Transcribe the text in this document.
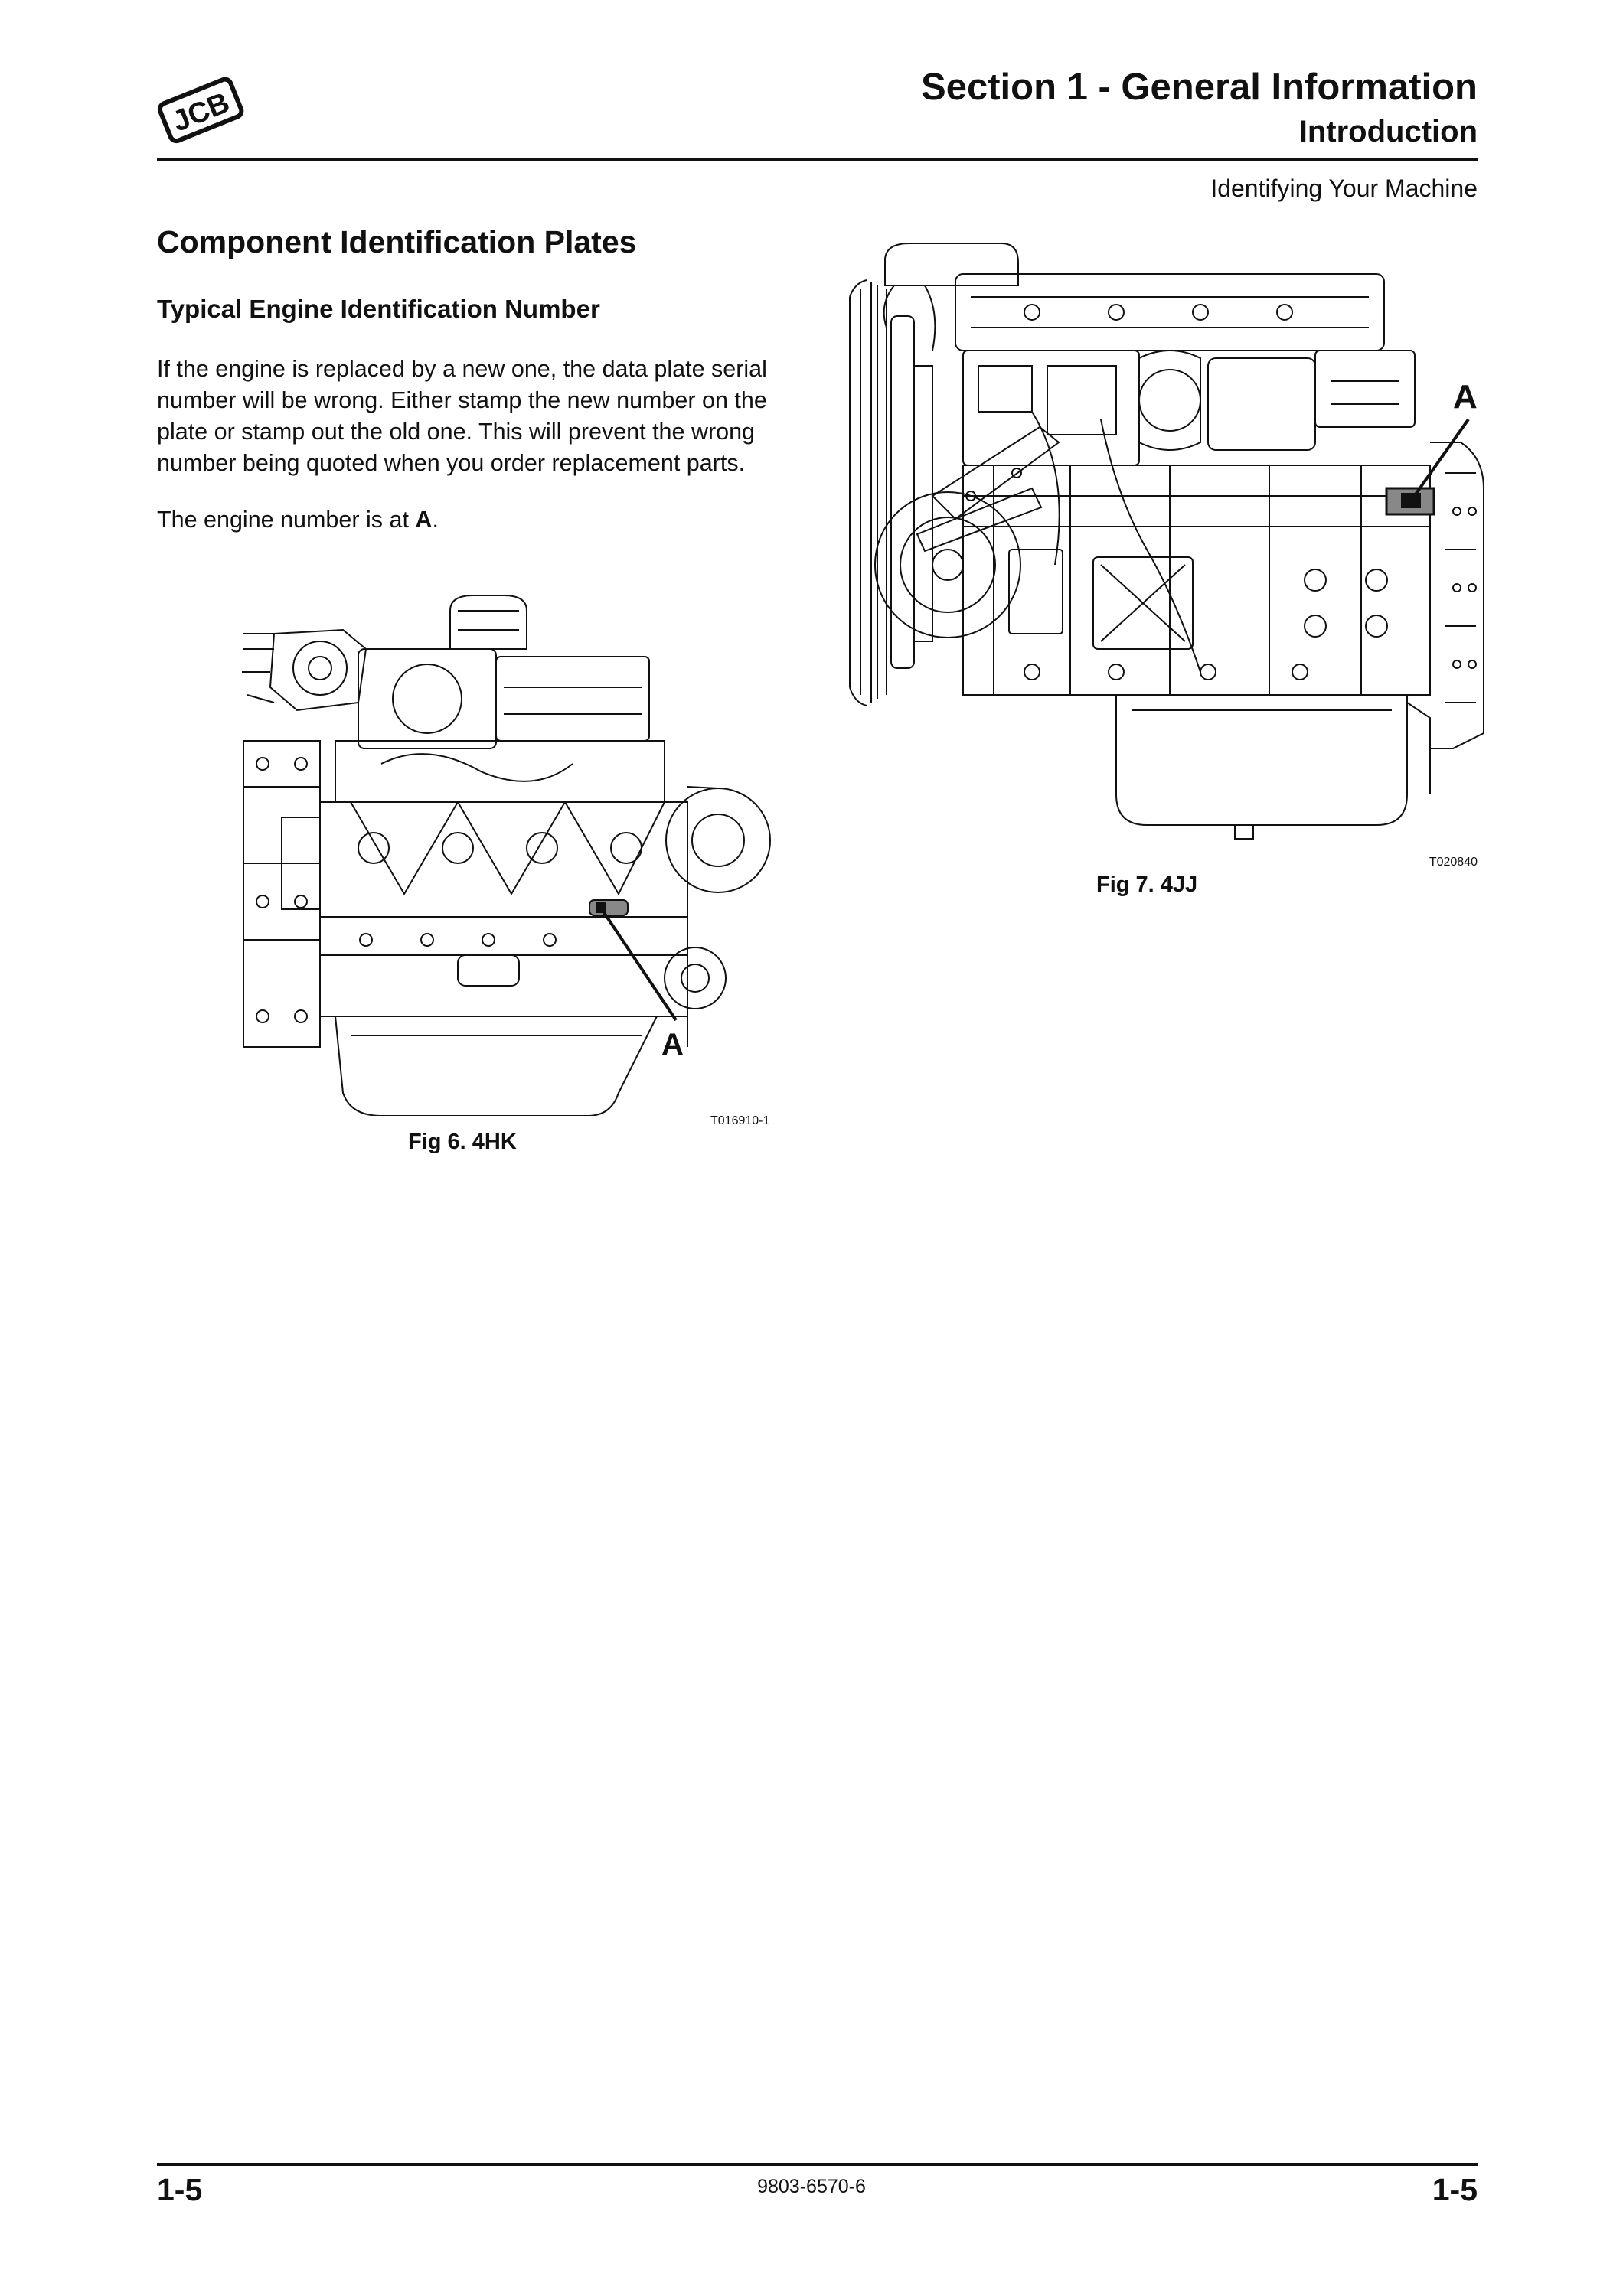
JCB	Section 1 - General Information
Introduction
Identifying Your Machine
Component Identification Plates
Typical Engine Identification Number
If the engine is replaced by a new one, the data plate serial number will be wrong. Either stamp the new number on the plate or stamp out the old one. This will prevent the wrong number being quoted when you order replacement parts.
The engine number is at A.
A
T020840
Fig 7. 4JJ
A
T016910-1
Fig 6. 4HK
1-5	9803-6570-6	1-5
